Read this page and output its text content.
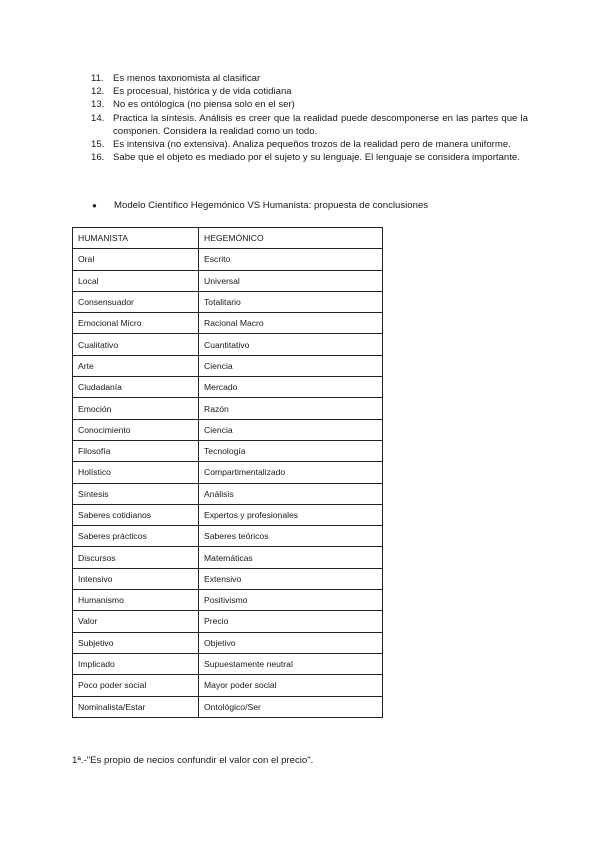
11. Es menos taxonomista al clasificar
12. Es procesual, histórica y de vida cotidiana
13. No es ontólogica (no piensa solo en el ser)
14. Practica la síntesis. Análisis es creer que la realidad puede descomponerse en las partes que la componen. Considera la realidad como un todo.
15. Es intensiva (no extensiva). Analiza pequeños trozos de la realidad pero de manera uniforme.
16. Sabe que el objeto es mediado por el sujeto y su lenguaje. El lenguaje se considera importante.
●	Modelo Científico Hegemónico VS Humanista: propuesta de conclusiones
HUMANISTA	HEGEMÓNICO
Oral	Escrito
Local	Universal
Consensuador	Totalitario
Emocional Micro	Racional Macro
Cualitativo	Cuantitativo
Arte	Ciencia
Ciudadanía	Mercado
Emoción	Razón
Conocimiento	Ciencia
Filosofía	Tecnología
Holístico	Compartimentalizado
Síntesis	Análisis
Saberes cotidianos	Expertos y profesionales
Saberes prácticos	Saberes teóricos
Discursos	Matemáticas
Intensivo	Extensivo
Humanismo	Positivismo
Valor	Precio
Subjetivo	Objetivo
Implicado	Supuestamente neutral
Poco poder social	Mayor poder social
Nominalista/Estar	Ontológico/Ser
1ª.-"Es propio de necios confundir el valor con el precio".
